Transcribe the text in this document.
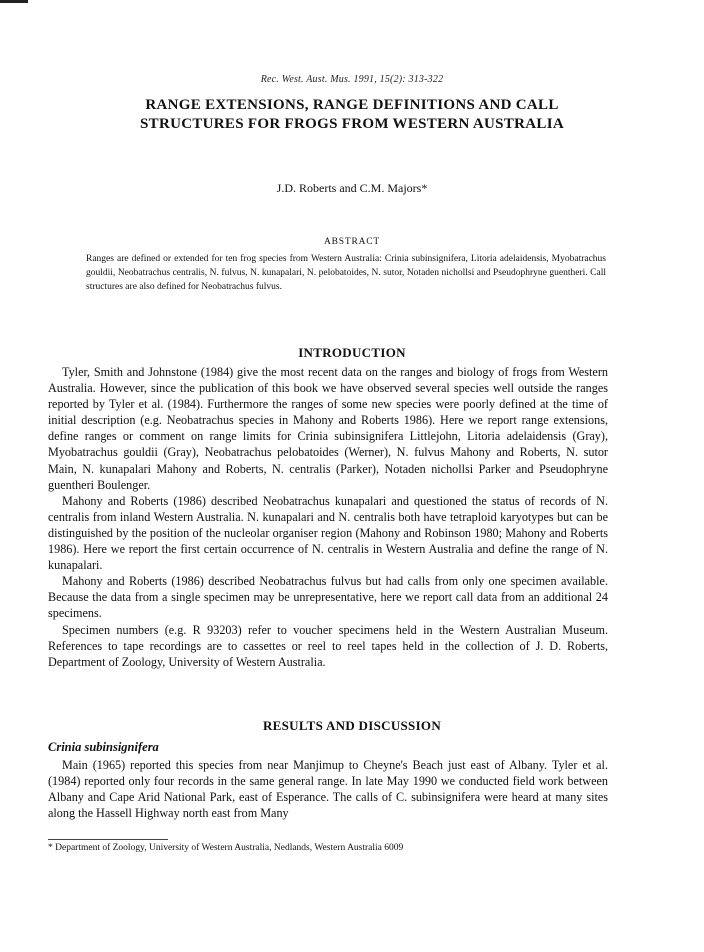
Rec. West. Aust. Mus. 1991, 15(2): 313-322
RANGE EXTENSIONS, RANGE DEFINITIONS AND CALL
STRUCTURES FOR FROGS FROM WESTERN AUSTRALIA
J.D. Roberts and C.M. Majors*
ABSTRACT
Ranges are defined or extended for ten frog species from Western Australia: Crinia subinsignifera, Litoria adelaidensis, Myobatrachus gouldii, Neobatrachus centralis, N. fulvus, N. kunapalari, N. pelobatoides, N. sutor, Notaden nichollsi and Pseudophryne guentheri. Call structures are also defined for Neobatrachus fulvus.
INTRODUCTION

Tyler, Smith and Johnstone (1984) give the most recent data on the ranges and biology of frogs from Western Australia. However, since the publication of this book we have observed several species well outside the ranges reported by Tyler et al. (1984). Furthermore the ranges of some new species were poorly defined at the time of initial description (e.g. Neobatrachus species in Mahony and Roberts 1986). Here we report range extensions, define ranges or comment on range limits for Crinia subinsignifera Littlejohn, Litoria adelaidensis (Gray), Myobatrachus gouldii (Gray), Neobatrachus pelobatoides (Werner), N. fulvus Mahony and Roberts, N. sutor Main, N. kunapalari Mahony and Roberts, N. centralis (Parker), Notaden nichollsi Parker and Pseudophryne guentheri Boulenger.

Mahony and Roberts (1986) described Neobatrachus kunapalari and questioned the status of records of N. centralis from inland Western Australia. N. kunapalari and N. centralis both have tetraploid karyotypes but can be distinguished by the position of the nucleolar organiser region (Mahony and Robinson 1980; Mahony and Roberts 1986). Here we report the first certain occurrence of N. centralis in Western Australia and define the range of N. kunapalari.

Mahony and Roberts (1986) described Neobatrachus fulvus but had calls from only one specimen available. Because the data from a single specimen may be unrepresentative, here we report call data from an additional 24 specimens.

Specimen numbers (e.g. R 93203) refer to voucher specimens held in the Western Australian Museum. References to tape recordings are to cassettes or reel to reel tapes held in the collection of J. D. Roberts, Department of Zoology, University of Western Australia.

RESULTS AND DISCUSSION
Crinia subinsignifera

Main (1965) reported this species from near Manjimup to Cheyne's Beach just east of Albany. Tyler et al. (1984) reported only four records in the same general range. In late May 1990 we conducted field work between Albany and Cape Arid National Park, east of Esperance. The calls of C. subinsignifera were heard at many sites along the Hassell Highway north east from Many

* Department of Zoology, University of Western Australia, Nedlands, Western Australia 6009
